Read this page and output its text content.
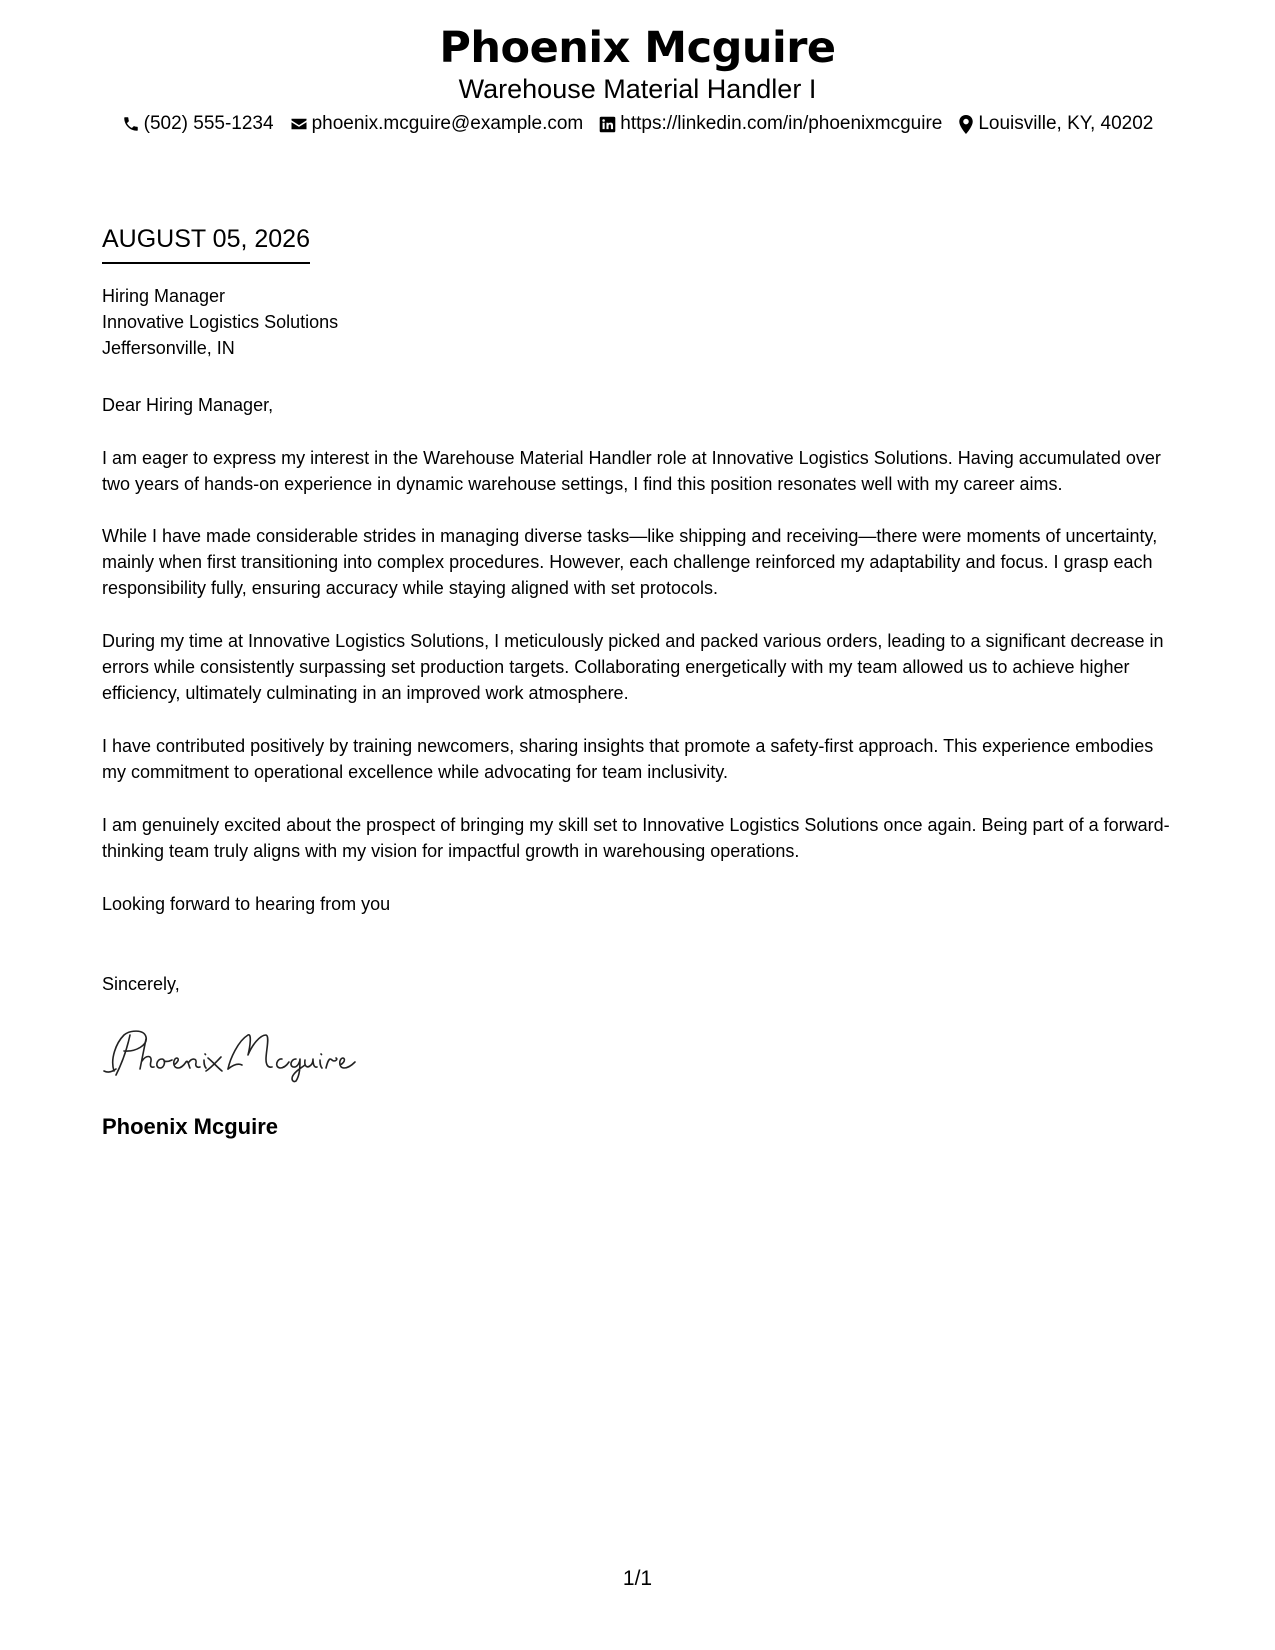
Phoenix Mcguire
Warehouse Material Handler I
(502) 555-1234 phoenix.mcguire@example.com https://linkedin.com/in/phoenixmcguire Louisville, KY, 40202
AUGUST 05, 2026
Hiring Manager
Innovative Logistics Solutions
Jeffersonville, IN
Dear Hiring Manager,
I am eager to express my interest in the Warehouse Material Handler role at Innovative Logistics Solutions. Having accumulated over two years of hands-on experience in dynamic warehouse settings, I find this position resonates well with my career aims.
While I have made considerable strides in managing diverse tasks—like shipping and receiving—there were moments of uncertainty, mainly when first transitioning into complex procedures. However, each challenge reinforced my adaptability and focus. I grasp each responsibility fully, ensuring accuracy while staying aligned with set protocols.
During my time at Innovative Logistics Solutions, I meticulously picked and packed various orders, leading to a significant decrease in errors while consistently surpassing set production targets. Collaborating energetically with my team allowed us to achieve higher efficiency, ultimately culminating in an improved work atmosphere.
I have contributed positively by training newcomers, sharing insights that promote a safety-first approach. This experience embodies my commitment to operational excellence while advocating for team inclusivity.
I am genuinely excited about the prospect of bringing my skill set to Innovative Logistics Solutions once again. Being part of a forward-thinking team truly aligns with my vision for impactful growth in warehousing operations.
Looking forward to hearing from you
Sincerely,
Phoenix Mcguire
1/1
